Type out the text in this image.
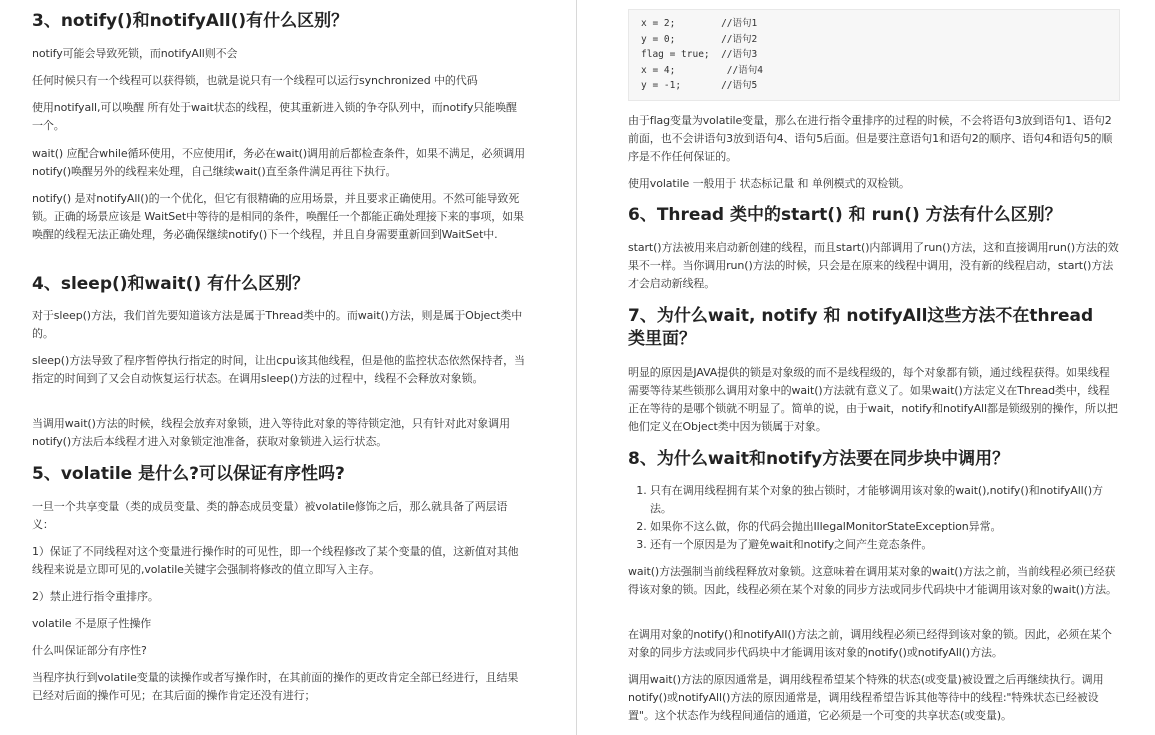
3、notify()和notifyAll()有什么区别？

notify可能会导致死锁，而notifyAll则不会

任何时候只有一个线程可以获得锁，也就是说只有一个线程可以运行synchronized 中的代码

使用notifyall,可以唤醒 所有处于wait状态的线程，使其重新进入锁的争夺队列中，而notify只能唤醒一个。

wait() 应配合while循环使用，不应使用if，务必在wait()调用前后都检查条件，如果不满足，必须调用notify()唤醒另外的线程来处理，自己继续wait()直至条件满足再往下执行。

notify() 是对notifyAll()的一个优化，但它有很精确的应用场景，并且要求正确使用。不然可能导致死锁。正确的场景应该是 WaitSet中等待的是相同的条件，唤醒任一个都能正确处理接下来的事项，如果唤醒的线程无法正确处理，务必确保继续notify()下一个线程，并且自身需要重新回到WaitSet中.

4、sleep()和wait() 有什么区别？

对于sleep()方法，我们首先要知道该方法是属于Thread类中的。而wait()方法，则是属于Object类中的。

sleep()方法导致了程序暂停执行指定的时间，让出cpu该其他线程，但是他的监控状态依然保持者，当指定的时间到了又会自动恢复运行状态。在调用sleep()方法的过程中，线程不会释放对象锁。

当调用wait()方法的时候，线程会放弃对象锁，进入等待此对象的等待锁定池，只有针对此对象调用notify()方法后本线程才进入对象锁定池准备，获取对象锁进入运行状态。

5、volatile 是什么?可以保证有序性吗?

一旦一个共享变量（类的成员变量、类的静态成员变量）被volatile修饰之后，那么就具备了两层语义：

1）保证了不同线程对这个变量进行操作时的可见性，即一个线程修改了某个变量的值，这新值对其他线程来说是立即可见的,volatile关键字会强制将修改的值立即写入主存。

2）禁止进行指令重排序。

volatile 不是原子性操作

什么叫保证部分有序性?

当程序执行到volatile变量的读操作或者写操作时，在其前面的操作的更改肯定全部已经进行，且结果已经对后面的操作可见；在其后面的操作肯定还没有进行；

x = 2;        //语句1
y = 0;        //语句2
flag = true;  //语句3
x = 4;         //语句4
y = -1;       //语句5

由于flag变量为volatile变量，那么在进行指令重排序的过程的时候，不会将语句3放到语句1、语句2前面，也不会讲语句3放到语句4、语句5后面。但是要注意语句1和语句2的顺序、语句4和语句5的顺序是不作任何保证的。

使用volatile 一般用于 状态标记量 和 单例模式的双检锁。

6、Thread 类中的start() 和 run() 方法有什么区别？

start()方法被用来启动新创建的线程，而且start()内部调用了run()方法，这和直接调用run()方法的效果不一样。当你调用run()方法的时候，只会是在原来的线程中调用，没有新的线程启动，start()方法才会启动新线程。

7、为什么wait, notify 和 notifyAll这些方法不在thread类里面？

明显的原因是JAVA提供的锁是对象级的而不是线程级的，每个对象都有锁，通过线程获得。如果线程需要等待某些锁那么调用对象中的wait()方法就有意义了。如果wait()方法定义在Thread类中，线程正在等待的是哪个锁就不明显了。简单的说，由于wait，notify和notifyAll都是锁级别的操作，所以把他们定义在Object类中因为锁属于对象。

8、为什么wait和notify方法要在同步块中调用？
1. 只有在调用线程拥有某个对象的独占锁时，才能够调用该对象的wait(),notify()和notifyAll()方法。
2. 如果你不这么做，你的代码会抛出IllegalMonitorStateException异常。
3. 还有一个原因是为了避免wait和notify之间产生竞态条件。

wait()方法强制当前线程释放对象锁。这意味着在调用某对象的wait()方法之前，当前线程必须已经获得该对象的锁。因此，线程必须在某个对象的同步方法或同步代码块中才能调用该对象的wait()方法。

在调用对象的notify()和notifyAll()方法之前，调用线程必须已经得到该对象的锁。因此，必须在某个对象的同步方法或同步代码块中才能调用该对象的notify()或notifyAll()方法。

调用wait()方法的原因通常是，调用线程希望某个特殊的状态(或变量)被设置之后再继续执行。调用notify()或notifyAll()方法的原因通常是，调用线程希望告诉其他等待中的线程:"特殊状态已经被设置"。这个状态作为线程间通信的通道，它必须是一个可变的共享状态(或变量)。
